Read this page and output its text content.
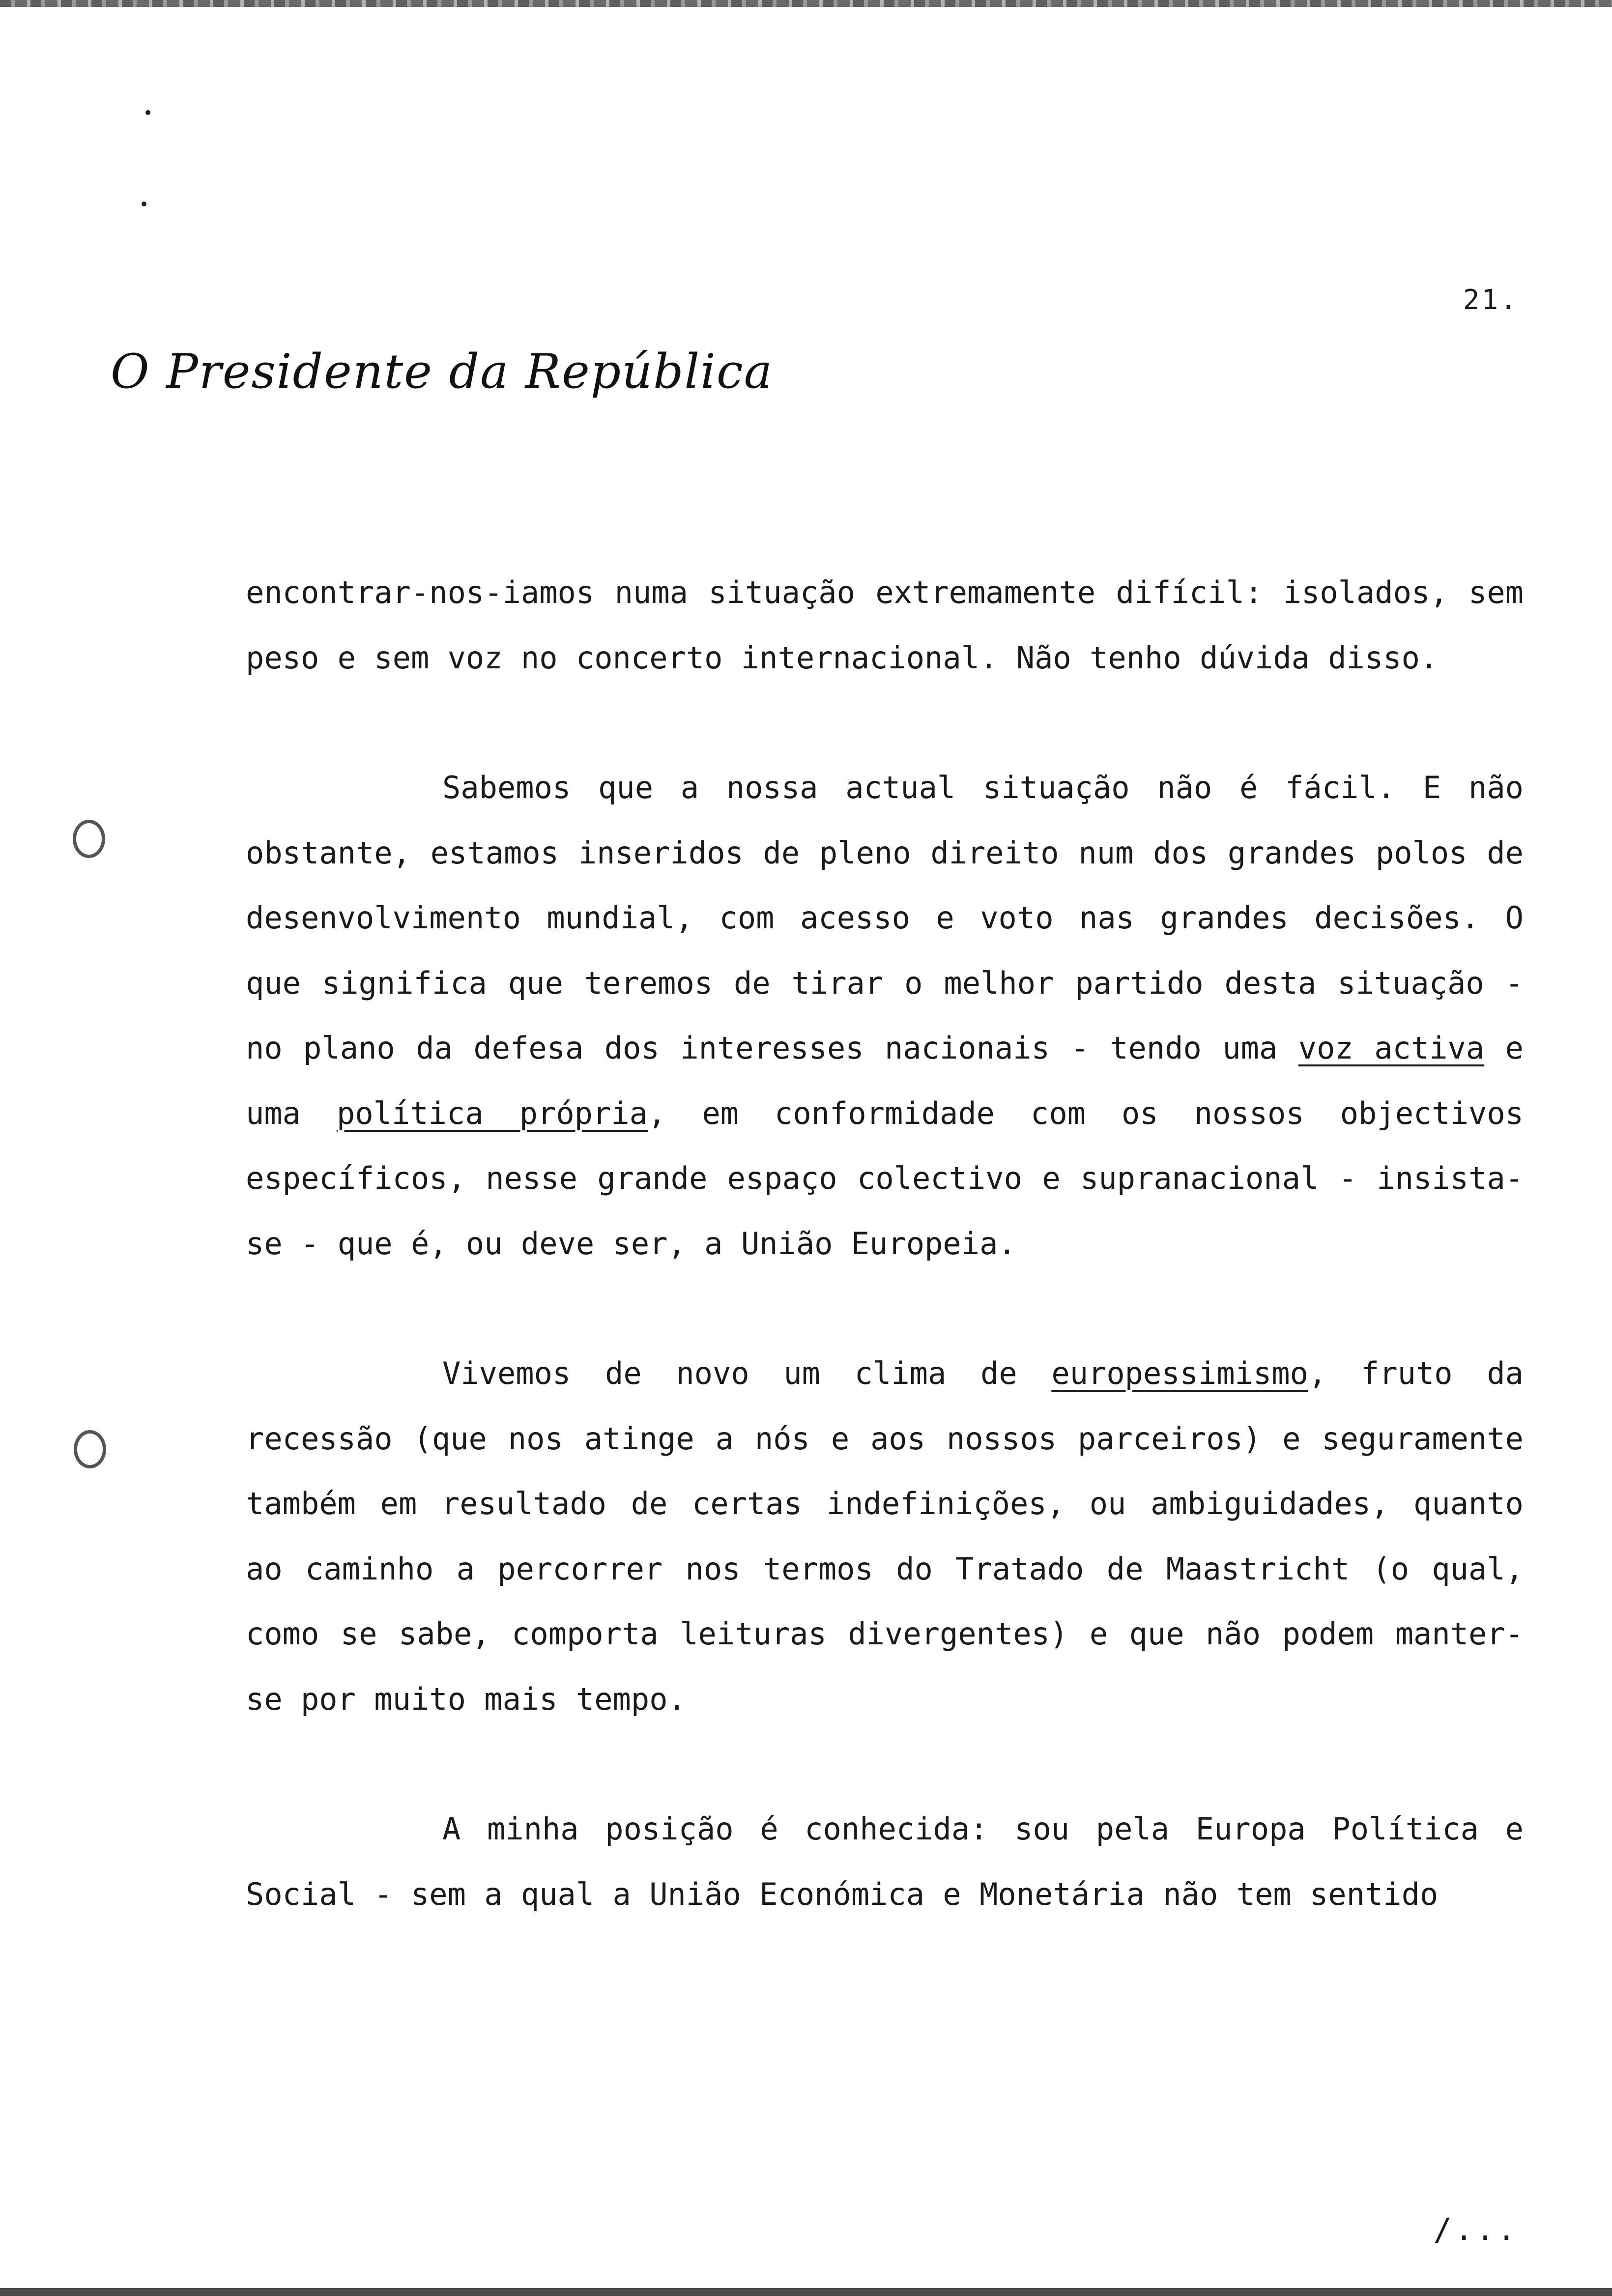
21.
O Presidente da República

encontrar-nos-iamos numa situação extremamente difícil: isolados, sem peso e sem voz no concerto internacional. Não tenho dúvida disso.

Sabemos que a nossa actual situação não é fácil. E não obstante, estamos inseridos de pleno direito num dos grandes polos de desenvolvimento mundial, com acesso e voto nas grandes decisões. O que significa que teremos de tirar o melhor partido desta situação - no plano da defesa dos interesses nacionais - tendo uma voz activa e uma política própria, em conformidade com os nossos objectivos específicos, nesse grande espaço colectivo e supranacional - insista-se - que é, ou deve ser, a União Europeia.

Vivemos de novo um clima de europessimismo, fruto da recessão (que nos atinge a nós e aos nossos parceiros) e seguramente também em resultado de certas indefinições, ou ambiguidades, quanto ao caminho a percorrer nos termos do Tratado de Maastricht (o qual, como se sabe, comporta leituras divergentes) e que não podem manter-se por muito mais tempo.

A minha posição é conhecida: sou pela Europa Política e Social - sem a qual a União Económica e Monetária não tem sentido

/...
